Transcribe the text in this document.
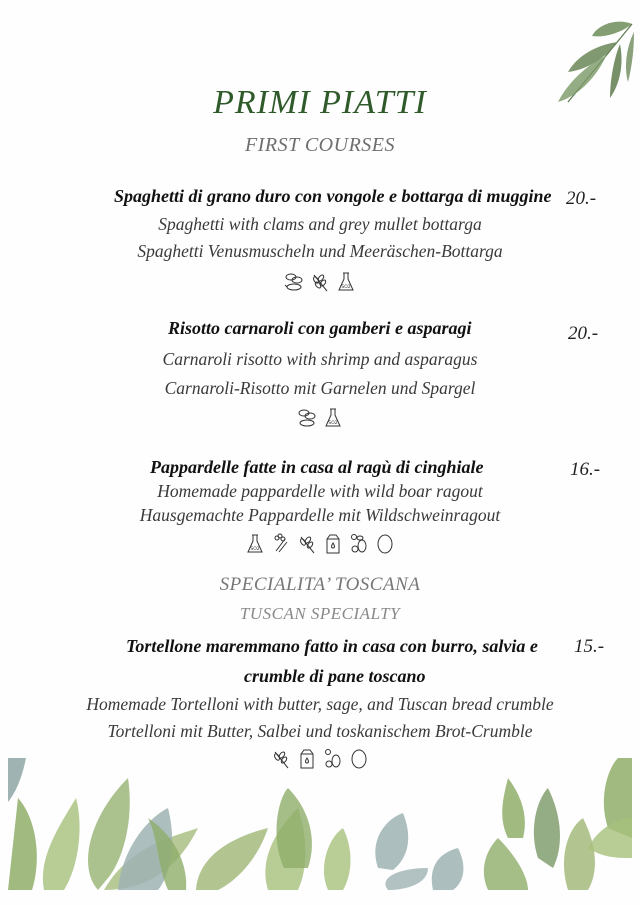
PRIMI PIATTI
FIRST COURSES
Spaghetti di grano duro con vongole e bottarga di muggine 20.-
Spaghetti with clams and grey mullet bottarga
Spaghetti Venusmuscheln und Meeräschen-Bottarga
SO2
Risotto carnaroli con gamberi e asparagi	20.-
Carnaroli risotto with shrimp and asparagus
Carnaroli-Risotto mit Garnelen und Spargel
SO2
Pappardelle fatte in casa al ragù di cinghiale	16.-
Homemade pappardelle with wild boar ragout
Hausgemachte Pappardelle mit Wildschweinragout
SO2
SPECIALITA’ TOSCANA
TUSCAN SPECIALTY
Tortellone maremmano fatto in casa con burro, salvia e 15.-
crumble di pane toscano
Homemade Tortelloni with butter, sage, and Tuscan bread crumble
Tortelloni mit Butter, Salbei und toskanischem Brot-Crumble
